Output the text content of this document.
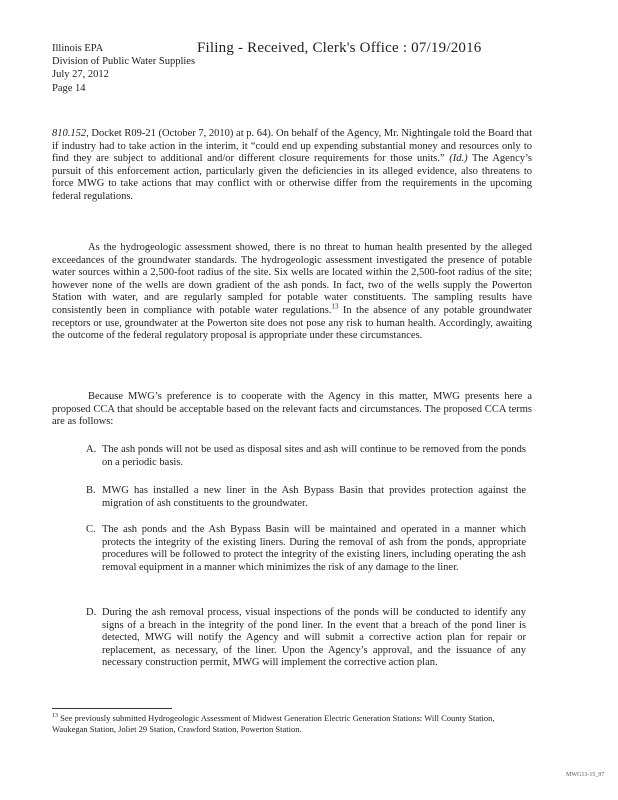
Illinois EPA
Division of Public Water Supplies
July 27, 2012
Page 14
Filing - Received, Clerk's Office : 07/19/2016
810.152, Docket R09-21 (October 7, 2010) at p. 64). On behalf of the Agency, Mr. Nightingale told the Board that if industry had to take action in the interim, it “could end up expending substantial money and resources only to find they are subject to additional and/or different closure requirements for those units.” (Id.) The Agency’s pursuit of this enforcement action, particularly given the deficiencies in its alleged evidence, also threatens to force MWG to take actions that may conflict with or otherwise differ from the requirements in the upcoming federal regulations.
As the hydrogeologic assessment showed, there is no threat to human health presented by the alleged exceedances of the groundwater standards. The hydrogeologic assessment investigated the presence of potable water sources within a 2,500-foot radius of the site. Six wells are located within the 2,500-foot radius of the site; however none of the wells are down gradient of the ash ponds. In fact, two of the wells supply the Powerton Station with water, and are regularly sampled for potable water constituents. The sampling results have consistently been in compliance with potable water regulations.$^{13}$ In the absence of any potable groundwater receptors or use, groundwater at the Powerton site does not pose any risk to human health. Accordingly, awaiting the outcome of the federal regulatory proposal is appropriate under these circumstances.
Because MWG’s preference is to cooperate with the Agency in this matter, MWG presents here a proposed CCA that should be acceptable based on the relevant facts and circumstances. The proposed CCA terms are as follows:
A. The ash ponds will not be used as disposal sites and ash will continue to be removed from the ponds on a periodic basis.
B. MWG has installed a new liner in the Ash Bypass Basin that provides protection against the migration of ash constituents to the groundwater.
C. The ash ponds and the Ash Bypass Basin will be maintained and operated in a manner which protects the integrity of the existing liners. During the removal of ash from the ponds, appropriate procedures will be followed to protect the integrity of the existing liners, including operating the ash removal equipment in a manner which minimizes the risk of any damage to the liner.
D. During the ash removal process, visual inspections of the ponds will be conducted to identify any signs of a breach in the integrity of the pond liner. In the event that a breach of the pond liner is detected, MWG will notify the Agency and will submit a corrective action plan for repair or replacement, as necessary, of the liner. Upon the Agency’s approval, and the issuance of any necessary construction permit, MWG will implement the corrective action plan.
$^{13}$ See previously submitted Hydrogeologic Assessment of Midwest Generation Electric Generation Stations: Will County Station, Waukegan Station, Joliet 29 Station, Crawford Station, Powerton Station.
MWG13-15_97
